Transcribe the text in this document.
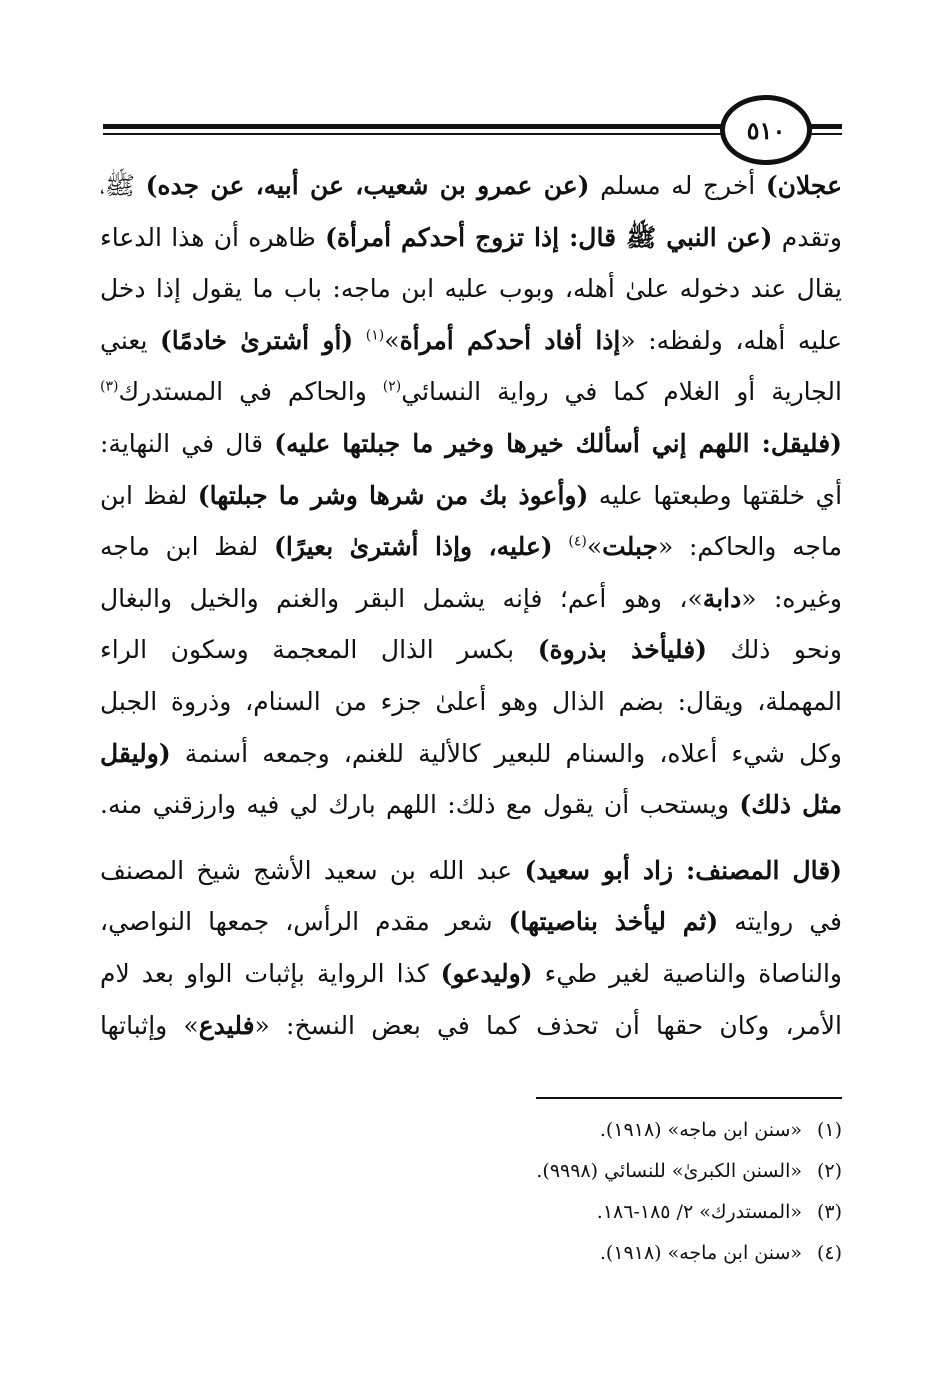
٥١٠

عجلان) أخرج له مسلم (عن عمرو بن شعيب، عن أبيه، عن جده) ﷺ،
وتقدم (عن النبي ﷺ قال: إذا تزوج أحدكم أمرأة) ظاهره أن هذا الدعاء
يقال عند دخوله علىٰ أهله، وبوب عليه ابن ماجه: باب ما يقول إذا دخل
عليه أهله، ولفظه: «إذا أفاد أحدكم أمرأة»$^{(١)}$ (أو أشترىٰ خادمًا) يعني
الجارية أو الغلام كما في رواية النسائي$^{(٢)}$ والحاكم في المستدرك$^{(٣)}$
(فليقل: اللهم إني أسألك خيرها وخير ما جبلتها عليه) قال في النهاية:
أي خلقتها وطبعتها عليه (وأعوذ بك من شرها وشر ما جبلتها) لفظ ابن
ماجه والحاكم: «جبلت»$^{(٤)}$ (عليه، وإذا أشترىٰ بعيرًا) لفظ ابن ماجه
وغيره: «دابة»، وهو أعم؛ فإنه يشمل البقر والغنم والخيل والبغال
ونحو ذلك (فليأخذ بذروة) بكسر الذال المعجمة وسكون الراء
المهملة، ويقال: بضم الذال وهو أعلىٰ جزء من السنام، وذروة الجبل
وكل شيء أعلاه، والسنام للبعير كالألية للغنم، وجمعه أسنمة (وليقل
مثل ذلك) ويستحب أن يقول مع ذلك: اللهم بارك لي فيه وارزقني منه.

(قال المصنف: زاد أبو سعيد) عبد الله بن سعيد الأشج شيخ المصنف
في روايته (ثم ليأخذ بناصيتها) شعر مقدم الرأس، جمعها النواصي،
والناصاة والناصية لغير طيء (وليدعو) كذا الرواية بإثبات الواو بعد لام
الأمر، وكان حقها أن تحذف كما في بعض النسخ: «فليدع» وإثباتها

(١)«سنن ابن ماجه» (١٩١٨).
(٢)«السنن الكبرىٰ» للنسائي (٩٩٩٨).
(٣)«المستدرك» ٢/ ١٨٥-١٨٦.
(٤)«سنن ابن ماجه» (١٩١٨).
